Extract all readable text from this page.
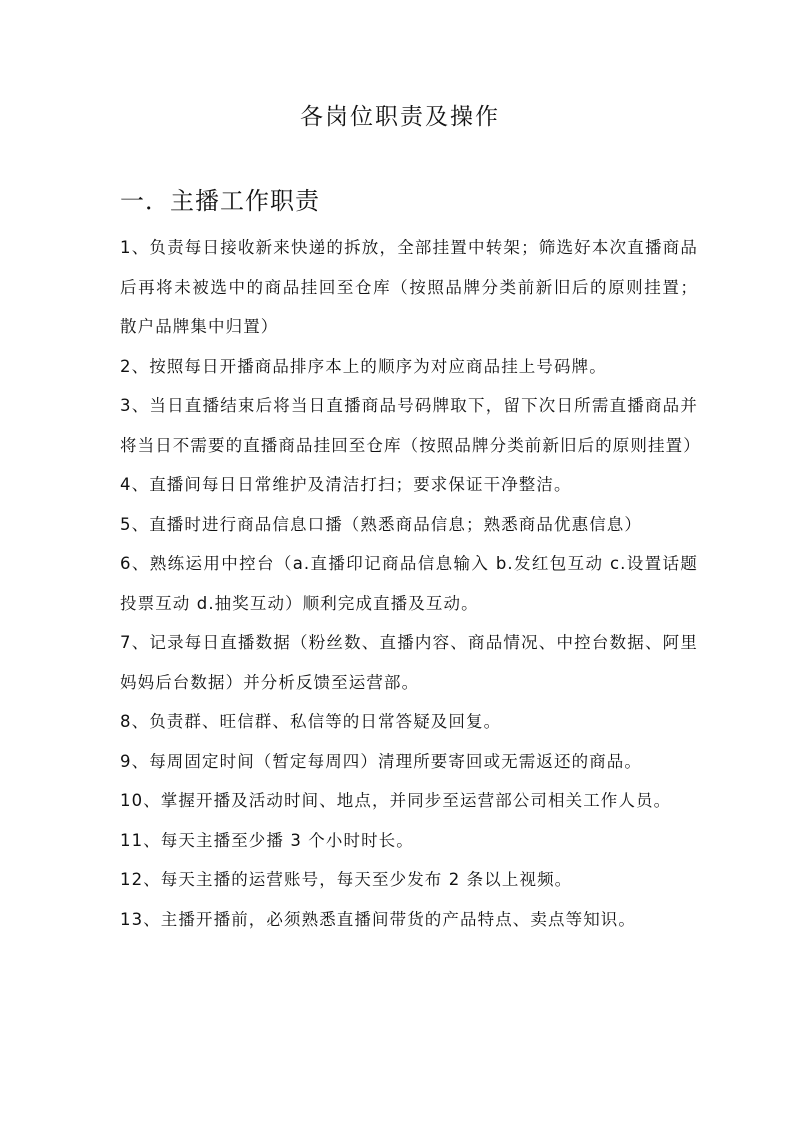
各岗位职责及操作
一．主播工作职责

1、负责每日接收新来快递的拆放，全部挂置中转架；筛选好本次直播商品后再将未被选中的商品挂回至仓库（按照品牌分类前新旧后的原则挂置；散户品牌集中归置）

2、按照每日开播商品排序本上的顺序为对应商品挂上号码牌。

3、当日直播结束后将当日直播商品号码牌取下，留下次日所需直播商品并将当日不需要的直播商品挂回至仓库（按照品牌分类前新旧后的原则挂置）

4、直播间每日日常维护及清洁打扫；要求保证干净整洁。

5、直播时进行商品信息口播（熟悉商品信息；熟悉商品优惠信息）

6、熟练运用中控台（a.直播印记商品信息输入 b.发红包互动 c.设置话题投票互动 d.抽奖互动）顺利完成直播及互动。

7、记录每日直播数据（粉丝数、直播内容、商品情况、中控台数据、阿里妈妈后台数据）并分析反馈至运营部。

8、负责群、旺信群、私信等的日常答疑及回复。

9、每周固定时间（暂定每周四）清理所要寄回或无需返还的商品。

10、掌握开播及活动时间、地点，并同步至运营部公司相关工作人员。

11、每天主播至少播 3 个小时时长。

12、每天主播的运营账号，每天至少发布 2 条以上视频。

13、主播开播前，必须熟悉直播间带货的产品特点、卖点等知识。
